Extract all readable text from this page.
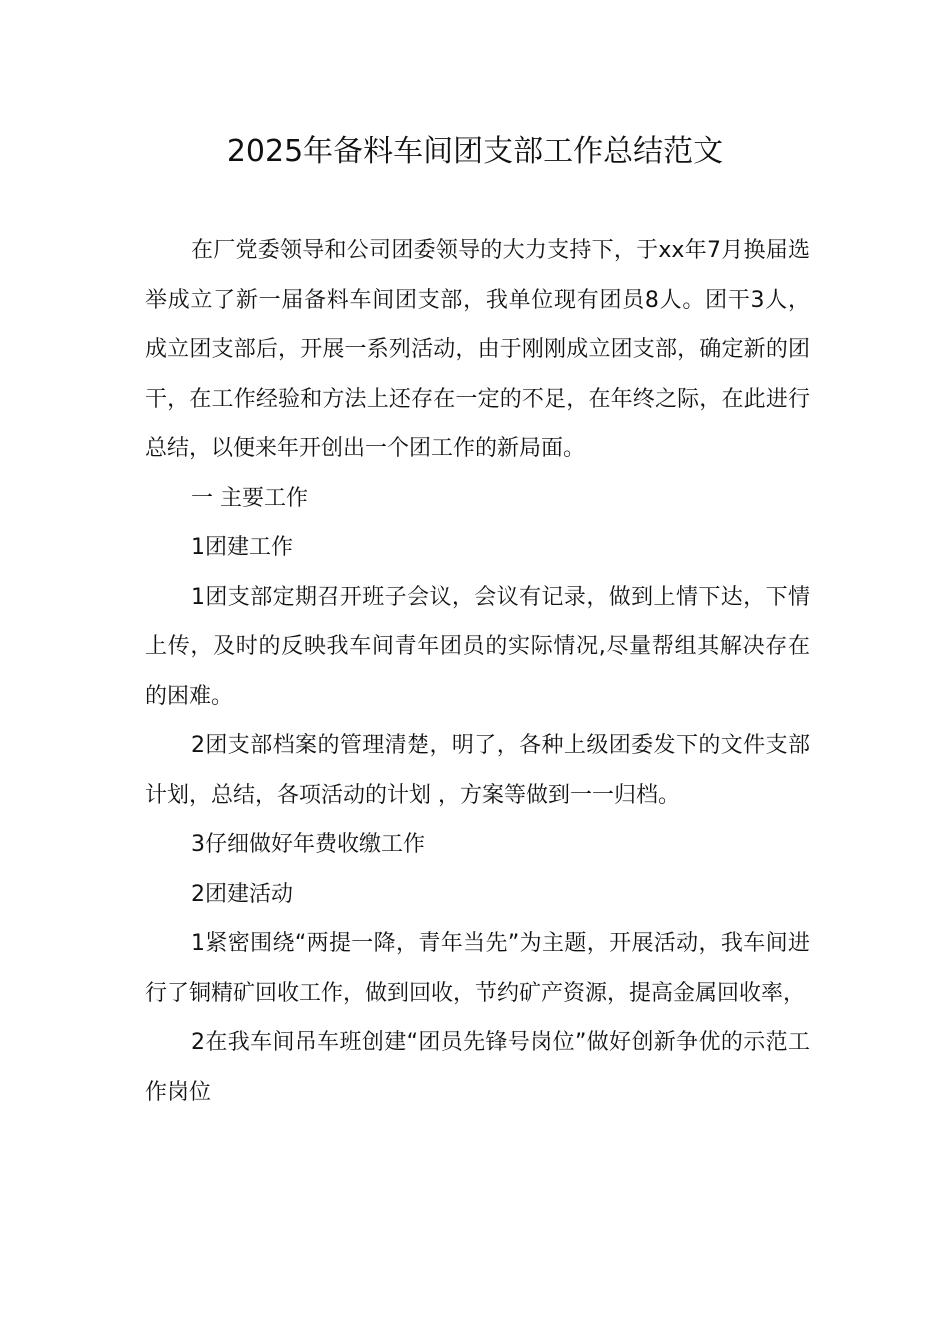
2025年备料车间团支部工作总结范文

在厂党委领导和公司团委领导的大力支持下，于xx年7月换届选举成立了新一届备料车间团支部，我单位现有团员8人。团干3人，成立团支部后，开展一系列活动，由于刚刚成立团支部，确定新的团干，在工作经验和方法上还存在一定的不足，在年终之际，在此进行总结，以便来年开创出一个团工作的新局面。

一 主要工作

1团建工作

1团支部定期召开班子会议，会议有记录，做到上情下达，下情上传，及时的反映我车间青年团员的实际情况,尽量帮组其解决存在的困难。

2团支部档案的管理清楚，明了，各种上级团委发下的文件支部计划，总结，各项活动的计划 ，方案等做到一一归档。

3仔细做好年费收缴工作

2团建活动

1紧密围绕“两提一降，青年当先”为主题，开展活动，我车间进行了铜精矿回收工作，做到回收，节约矿产资源，提高金属回收率，

2在我车间吊车班创建“团员先锋号岗位”做好创新争优的示范工作岗位
